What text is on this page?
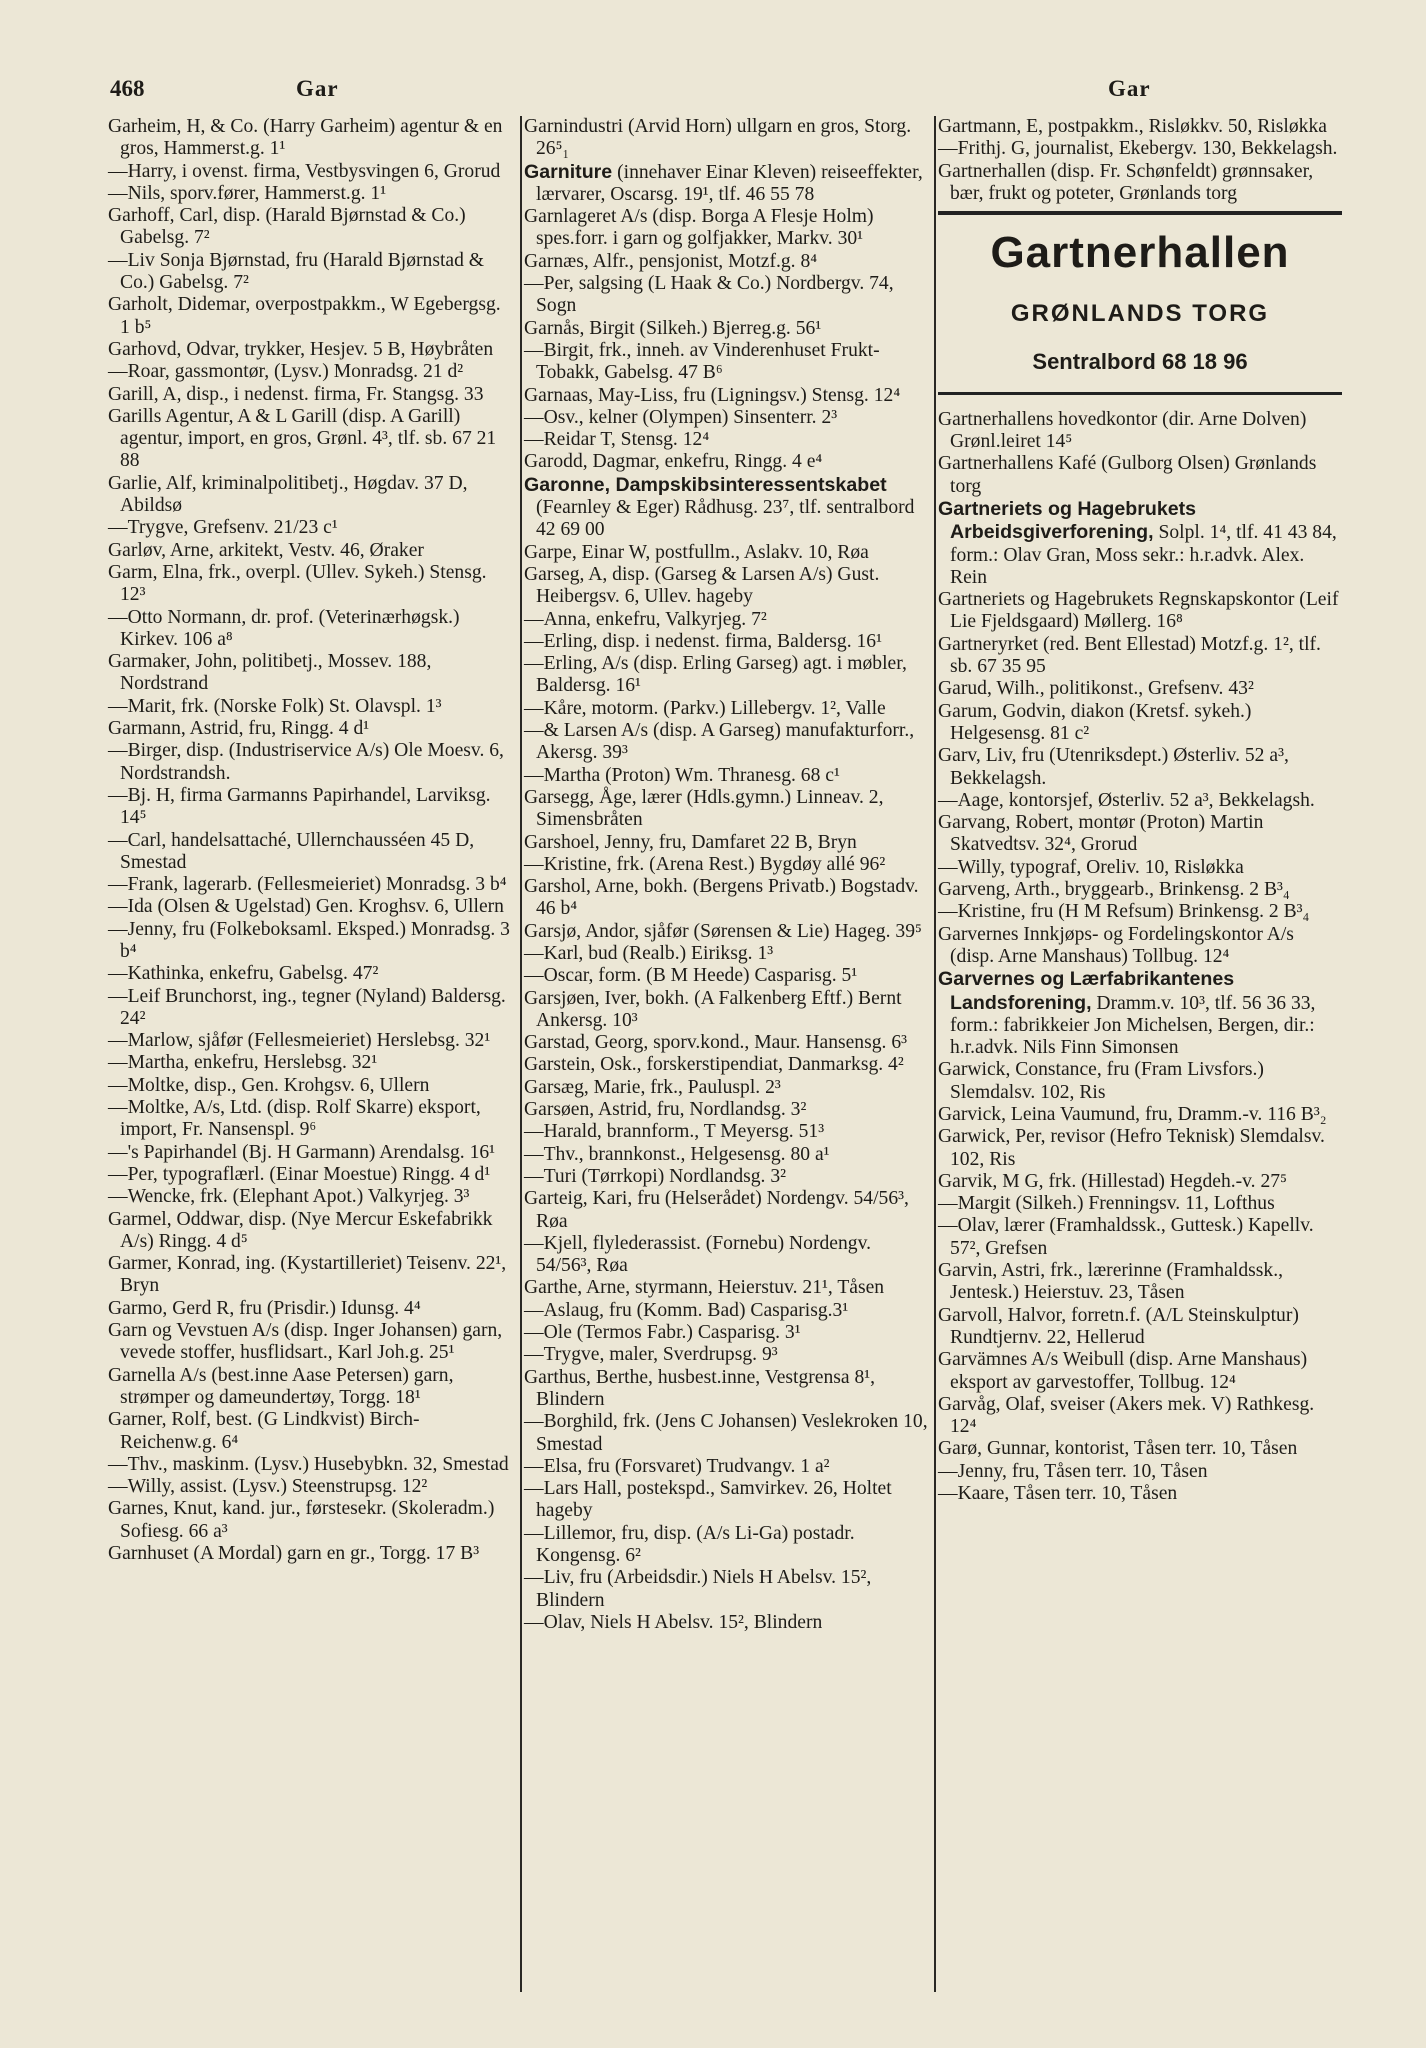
468	Gar	Gar
Garheim, H, & Co. (Harry Garheim) agentur & en gros, Hammerst.g. 1¹
—Harry, i ovenst. firma, Vestbysvingen 6, Grorud
—Nils, sporv.fører, Hammerst.g. 1¹
Garhoff, Carl, disp. (Harald Bjørnstad & Co.) Gabelsg. 7²
—Liv Sonja Bjørnstad, fru (Harald Bjørnstad & Co.) Gabelsg. 7²
Garholt, Didemar, overpostpakkm., W Egebergsg. 1 b⁵
Garhovd, Odvar, trykker, Hesjev. 5 B, Høybråten
—Roar, gassmontør, (Lysv.) Monradsg. 21 d²
Garill, A, disp., i nedenst. firma, Fr. Stangsg. 33
Garills Agentur, A & L Garill (disp. A Garill) agentur, import, en gros, Grønl. 4³, tlf. sb. 67 21 88
Garlie, Alf, kriminalpolitibetj., Høgdav. 37 D, Abildsø
—Trygve, Grefsenv. 21/23 c¹
Garløv, Arne, arkitekt, Vestv. 46, Øraker
Garm, Elna, frk., overpl. (Ullev. Sykeh.) Stensg. 12³
—Otto Normann, dr. prof. (Veterinærhøgsk.) Kirkev. 106 a⁸
Garmaker, John, politibetj., Mossev. 188, Nordstrand
—Marit, frk. (Norske Folk) St. Olavspl. 1³
Garmann, Astrid, fru, Ringg. 4 d¹
—Birger, disp. (Industriservice A/s) Ole Moesv. 6, Nordstrandsh.
—Bj. H, firma Garmanns Papirhandel, Larviksg. 14⁵
—Carl, handelsattaché, Ullernchausséen 45 D, Smestad
—Frank, lagerarb. (Fellesmeieriet) Monradsg. 3 b⁴
—Ida (Olsen & Ugelstad) Gen. Kroghsv. 6, Ullern
—Jenny, fru (Folkeboksaml. Eksped.) Monradsg. 3 b⁴
—Kathinka, enkefru, Gabelsg. 47²
—Leif Brunchorst, ing., tegner (Nyland) Baldersg. 24²
—Marlow, sjåfør (Fellesmeieriet) Herslebsg. 32¹
—Martha, enkefru, Herslebsg. 32¹
—Moltke, disp., Gen. Krohgsv. 6, Ullern
—Moltke, A/s, Ltd. (disp. Rolf Skarre) eksport, import, Fr. Nansenspl. 9⁶
—'s Papirhandel (Bj. H Garmann) Arendalsg. 16¹
—Per, typograflærl. (Einar Moestue) Ringg. 4 d¹
—Wencke, frk. (Elephant Apot.) Valkyrjeg. 3³
Garmel, Oddwar, disp. (Nye Mercur Eskefabrikk A/s) Ringg. 4 d⁵
Garmer, Konrad, ing. (Kystartilleriet) Teisenv. 22¹, Bryn
Garmo, Gerd R, fru (Prisdir.) Idunsg. 4⁴
Garn og Vevstuen A/s (disp. Inger Johansen) garn, vevede stoffer, husflidsart., Karl Joh.g. 25¹
Garnella A/s (best.inne Aase Petersen) garn, strømper og dameundertøy, Torgg. 18¹
Garner, Rolf, best. (G Lindkvist) Birch-Reichenw.g. 6⁴
—Thv., maskinm. (Lysv.) Husebybkn. 32, Smestad
—Willy, assist. (Lysv.) Steenstrupsg. 12²
Garnes, Knut, kand. jur., førstesekr. (Skoleradm.) Sofiesg. 66 a³
Garnhuset (A Mordal) garn en gr., Torgg. 17 B³
Garnindustri (Arvid Horn) ullgarn en gros, Storg. 26⁵₁
Garniture (innehaver Einar Kleven) reiseeffekter, lærvarer, Oscarsg. 19¹, tlf. 46 55 78
Garnlageret A/s (disp. Borga A Flesje Holm) spes.forr. i garn og golfjakker, Markv. 30¹
Garnæs, Alfr., pensjonist, Motzf.g. 8⁴
—Per, salgsing (L Haak & Co.) Nordbergv. 74, Sogn
Garnås, Birgit (Silkeh.) Bjerreg.g. 56¹
—Birgit, frk., inneh. av Vinderenhuset Frukt-Tobakk, Gabelsg. 47 B⁶
Garnaas, May-Liss, fru (Ligningsv.) Stensg. 12⁴
—Osv., kelner (Olympen) Sinsenterr. 2³
—Reidar T, Stensg. 12⁴
Garodd, Dagmar, enkefru, Ringg. 4 e⁴
Garonne, Dampskibsinteressentskabet (Fearnley & Eger) Rådhusg. 23⁷, tlf. sentralbord 42 69 00
Garpe, Einar W, postfullm., Aslakv. 10, Røa
Garseg, A, disp. (Garseg & Larsen A/s) Gust. Heibergsv. 6, Ullev. hageby
—Anna, enkefru, Valkyrjeg. 7²
—Erling, disp. i nedenst. firma, Baldersg. 16¹
—Erling, A/s (disp. Erling Garseg) agt. i møbler, Baldersg. 16¹
—Kåre, motorm. (Parkv.) Lillebergv. 1², Valle
—& Larsen A/s (disp. A Garseg) manufakturforr., Akersg. 39³
—Martha (Proton) Wm. Thranesg. 68 c¹
Garsegg, Åge, lærer (Hdls.gymn.) Linneav. 2, Simensbråten
Garshoel, Jenny, fru, Damfaret 22 B, Bryn
—Kristine, frk. (Arena Rest.) Bygdøy allé 96²
Garshol, Arne, bokh. (Bergens Privatb.) Bogstadv. 46 b⁴
Garsjø, Andor, sjåfør (Sørensen & Lie) Hageg. 39⁵
—Karl, bud (Realb.) Eiriksg. 1³
—Oscar, form. (B M Heede) Casparisg. 5¹
Garsjøen, Iver, bokh. (A Falkenberg Eftf.) Bernt Ankersg. 10³
Garstad, Georg, sporv.kond., Maur. Hansensg. 6³
Garstein, Osk., forskerstipendiat, Danmarksg. 4²
Garsæg, Marie, frk., Pauluspl. 2³
Garsøen, Astrid, fru, Nordlandsg. 3²
—Harald, brannform., T Meyersg. 51³
—Thv., brannkonst., Helgesensg. 80 a¹
—Turi (Tørrkopi) Nordlandsg. 3²
Garteig, Kari, fru (Helserådet) Nordengv. 54/56³, Røa
—Kjell, flylederassist. (Fornebu) Nordengv. 54/56³, Røa
Garthe, Arne, styrmann, Heierstuv. 21¹, Tåsen
—Aslaug, fru (Komm. Bad) Casparisg.3¹
—Ole (Termos Fabr.) Casparisg. 3¹
—Trygve, maler, Sverdrupsg. 9³
Garthus, Berthe, husbest.inne, Vestgrensa 8¹, Blindern
—Borghild, frk. (Jens C Johansen) Veslekroken 10, Smestad
—Elsa, fru (Forsvaret) Trudvangv. 1 a²
—Lars Hall, postekspd., Samvirkev. 26, Holtet hageby
—Lillemor, fru, disp. (A/s Li-Ga) postadr. Kongensg. 6²
—Liv, fru (Arbeidsdir.) Niels H Abelsv. 15², Blindern
—Olav, Niels H Abelsv. 15², Blindern
Gartmann, E, postpakkm., Risløkkv. 50, Risløkka
—Frithj. G, journalist, Ekebergv. 130, Bekkelagsh.
Gartnerhallen (disp. Fr. Schønfeldt) grønnsaker, bær, frukt og poteter, Grønlands torg
Gartnerhallen
GRØNLANDS TORG
Sentralbord 68 18 96
Gartnerhallens hovedkontor (dir. Arne Dolven) Grønl.leiret 14⁵
Gartnerhallens Kafé (Gulborg Olsen) Grønlands torg
Gartneriets og Hagebrukets Arbeidsgiverforening, Solpl. 1⁴, tlf. 41 43 84, form.: Olav Gran, Moss sekr.: h.r.advk. Alex. Rein
Gartneriets og Hagebrukets Regnskapskontor (Leif Lie Fjeldsgaard) Møllerg. 16⁸
Gartneryrket (red. Bent Ellestad) Motzf.g. 1², tlf. sb. 67 35 95
Garud, Wilh., politikonst., Grefsenv. 43²
Garum, Godvin, diakon (Kretsf. sykeh.) Helgesensg. 81 c²
Garv, Liv, fru (Utenriksdept.) Østerliv. 52 a³, Bekkelagsh.
—Aage, kontorsjef, Østerliv. 52 a³, Bekkelagsh.
Garvang, Robert, montør (Proton) Martin Skatvedtsv. 32⁴, Grorud
—Willy, typograf, Oreliv. 10, Risløkka
Garveng, Arth., bryggearb., Brinkensg. 2 B³₄
—Kristine, fru (H M Refsum) Brinkensg. 2 B³₄
Garvernes Innkjøps- og Fordelingskontor A/s (disp. Arne Manshaus) Tollbug. 12⁴
Garvernes og Lærfabrikantenes Landsforening, Dramm.v. 10³, tlf. 56 36 33, form.: fabrikkeier Jon Michelsen, Bergen, dir.: h.r.advk. Nils Finn Simonsen
Garwick, Constance, fru (Fram Livsfors.) Slemdalsv. 102, Ris
Garvick, Leina Vaumund, fru, Dramm.-v. 116 B³₂
Garwick, Per, revisor (Hefro Teknisk) Slemdalsv. 102, Ris
Garvik, M G, frk. (Hillestad) Hegdeh.-v. 27⁵
—Margit (Silkeh.) Frenningsv. 11, Lofthus
—Olav, lærer (Framhaldssk., Guttesk.) Kapellv. 57², Grefsen
Garvin, Astri, frk., lærerinne (Framhaldssk., Jentesk.) Heierstuv. 23, Tåsen
Garvoll, Halvor, forretn.f. (A/L Steinskulptur) Rundtjernv. 22, Hellerud
Garvämnes A/s Weibull (disp. Arne Manshaus) eksport av garvestoffer, Tollbug. 12⁴
Garvåg, Olaf, sveiser (Akers mek. V) Rathkesg. 12⁴
Garø, Gunnar, kontorist, Tåsen terr. 10, Tåsen
—Jenny, fru, Tåsen terr. 10, Tåsen
—Kaare, Tåsen terr. 10, Tåsen
